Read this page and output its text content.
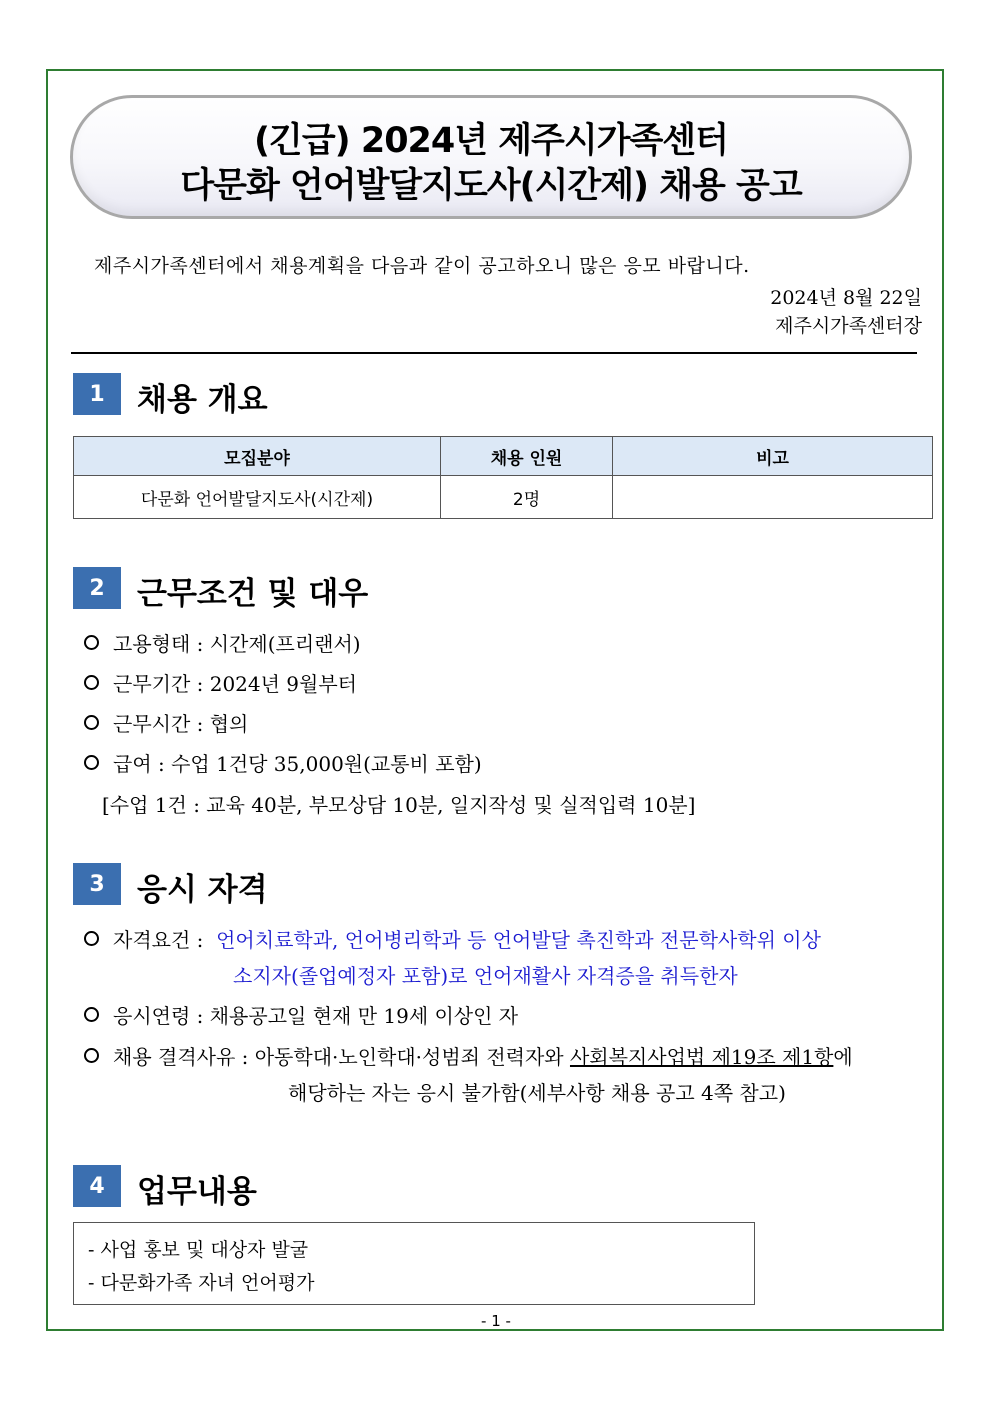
(긴급) 2024년 제주시가족센터
다문화 언어발달지도사(시간제) 채용 공고
제주시가족센터에서 채용계획을 다음과 같이 공고하오니 많은 응모 바랍니다.
2024년 8월 22일
제주시가족센터장
1	채용 개요
모집분야	채용 인원	비고
다문화 언어발달지도사(시간제)	2명	
2	근무조건 및 대우
고용형태 : 시간제(프리랜서)
근무기간 : 2024년 9월부터
근무시간 : 협의
급여 : 수업 1건당 35,000원(교통비 포함)
[수업 1건 : 교육 40분, 부모상담 10분, 일지작성 및 실적입력 10분]
3	응시 자격
자격요건 : 언어치료학과, 언어병리학과 등 언어발달 촉진학과 전문학사학위 이상
소지자(졸업예정자 포함)로 언어재활사 자격증을 취득한자
응시연령 : 채용공고일 현재 만 19세 이상인 자
채용 결격사유 : 아동학대·노인학대·성범죄 전력자와 사회복지사업법 제19조 제1항에
해당하는 자는 응시 불가함(세부사항 채용 공고 4쪽 참고)
4	업무내용
- 사업 홍보 및 대상자 발굴
- 다문화가족 자녀 언어평가
- 1 -
